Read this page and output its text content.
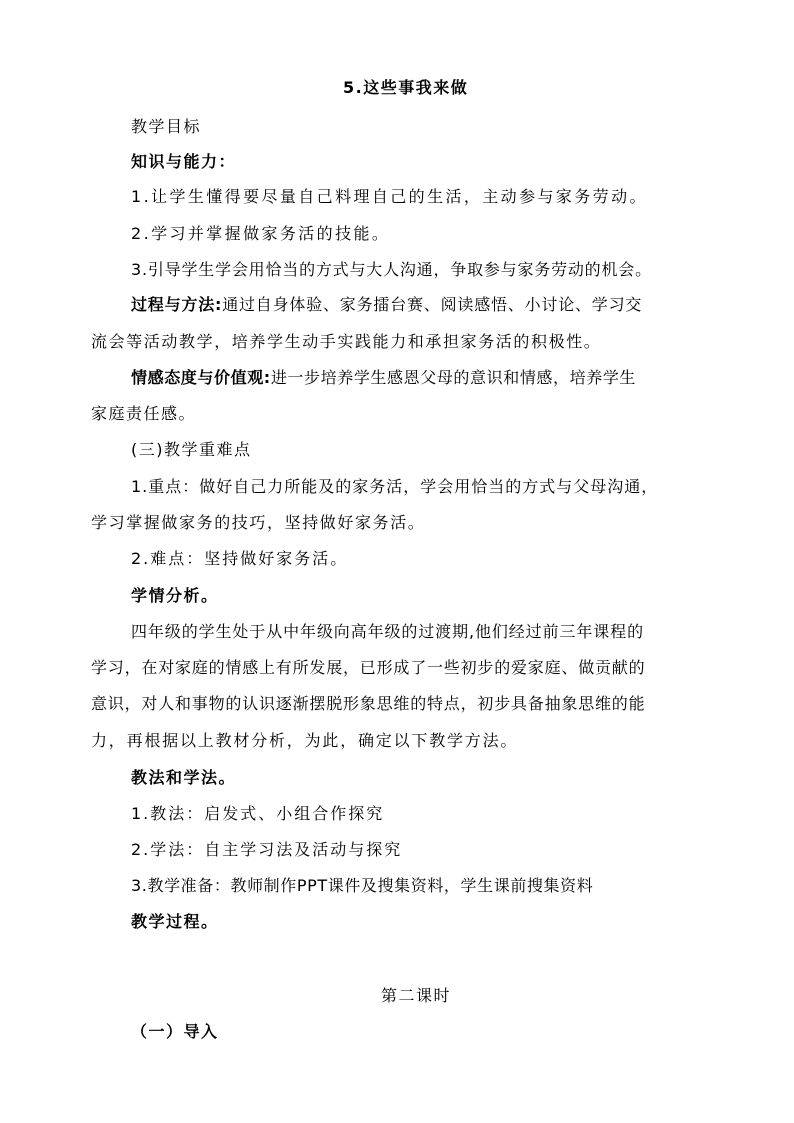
5.这些事我来做
教学目标
知识与能力：
1.让学生懂得要尽量自己料理自己的生活，主动参与家务劳动。
2.学习并掌握做家务活的技能。
3.引导学生学会用恰当的方式与大人沟通，争取参与家务劳动的机会。
过程与方法:通过自身体验、家务擂台赛、阅读感悟、小讨论、学习交
流会等活动教学，培养学生动手实践能力和承担家务活的积极性。
情感态度与价值观:进一步培养学生感恩父母的意识和情感，培养学生
家庭责任感。
(三)教学重难点
1.重点：做好自己力所能及的家务活，学会用恰当的方式与父母沟通，
学习掌握做家务的技巧，坚持做好家务活。
2.难点：坚持做好家务活。
学情分析。
四年级的学生处于从中年级向高年级的过渡期,他们经过前三年课程的
学习，在对家庭的情感上有所发展，已形成了一些初步的爱家庭、做贡献的
意识，对人和事物的认识逐渐摆脱形象思维的特点，初步具备抽象思维的能
力，再根据以上教材分析，为此，确定以下教学方法。
教法和学法。
1.教法：启发式、小组合作探究
2.学法：自主学习法及活动与探究
3.教学准备：教师制作PPT课件及搜集资料，学生课前搜集资料
教学过程。
第二课时
（一）导入
